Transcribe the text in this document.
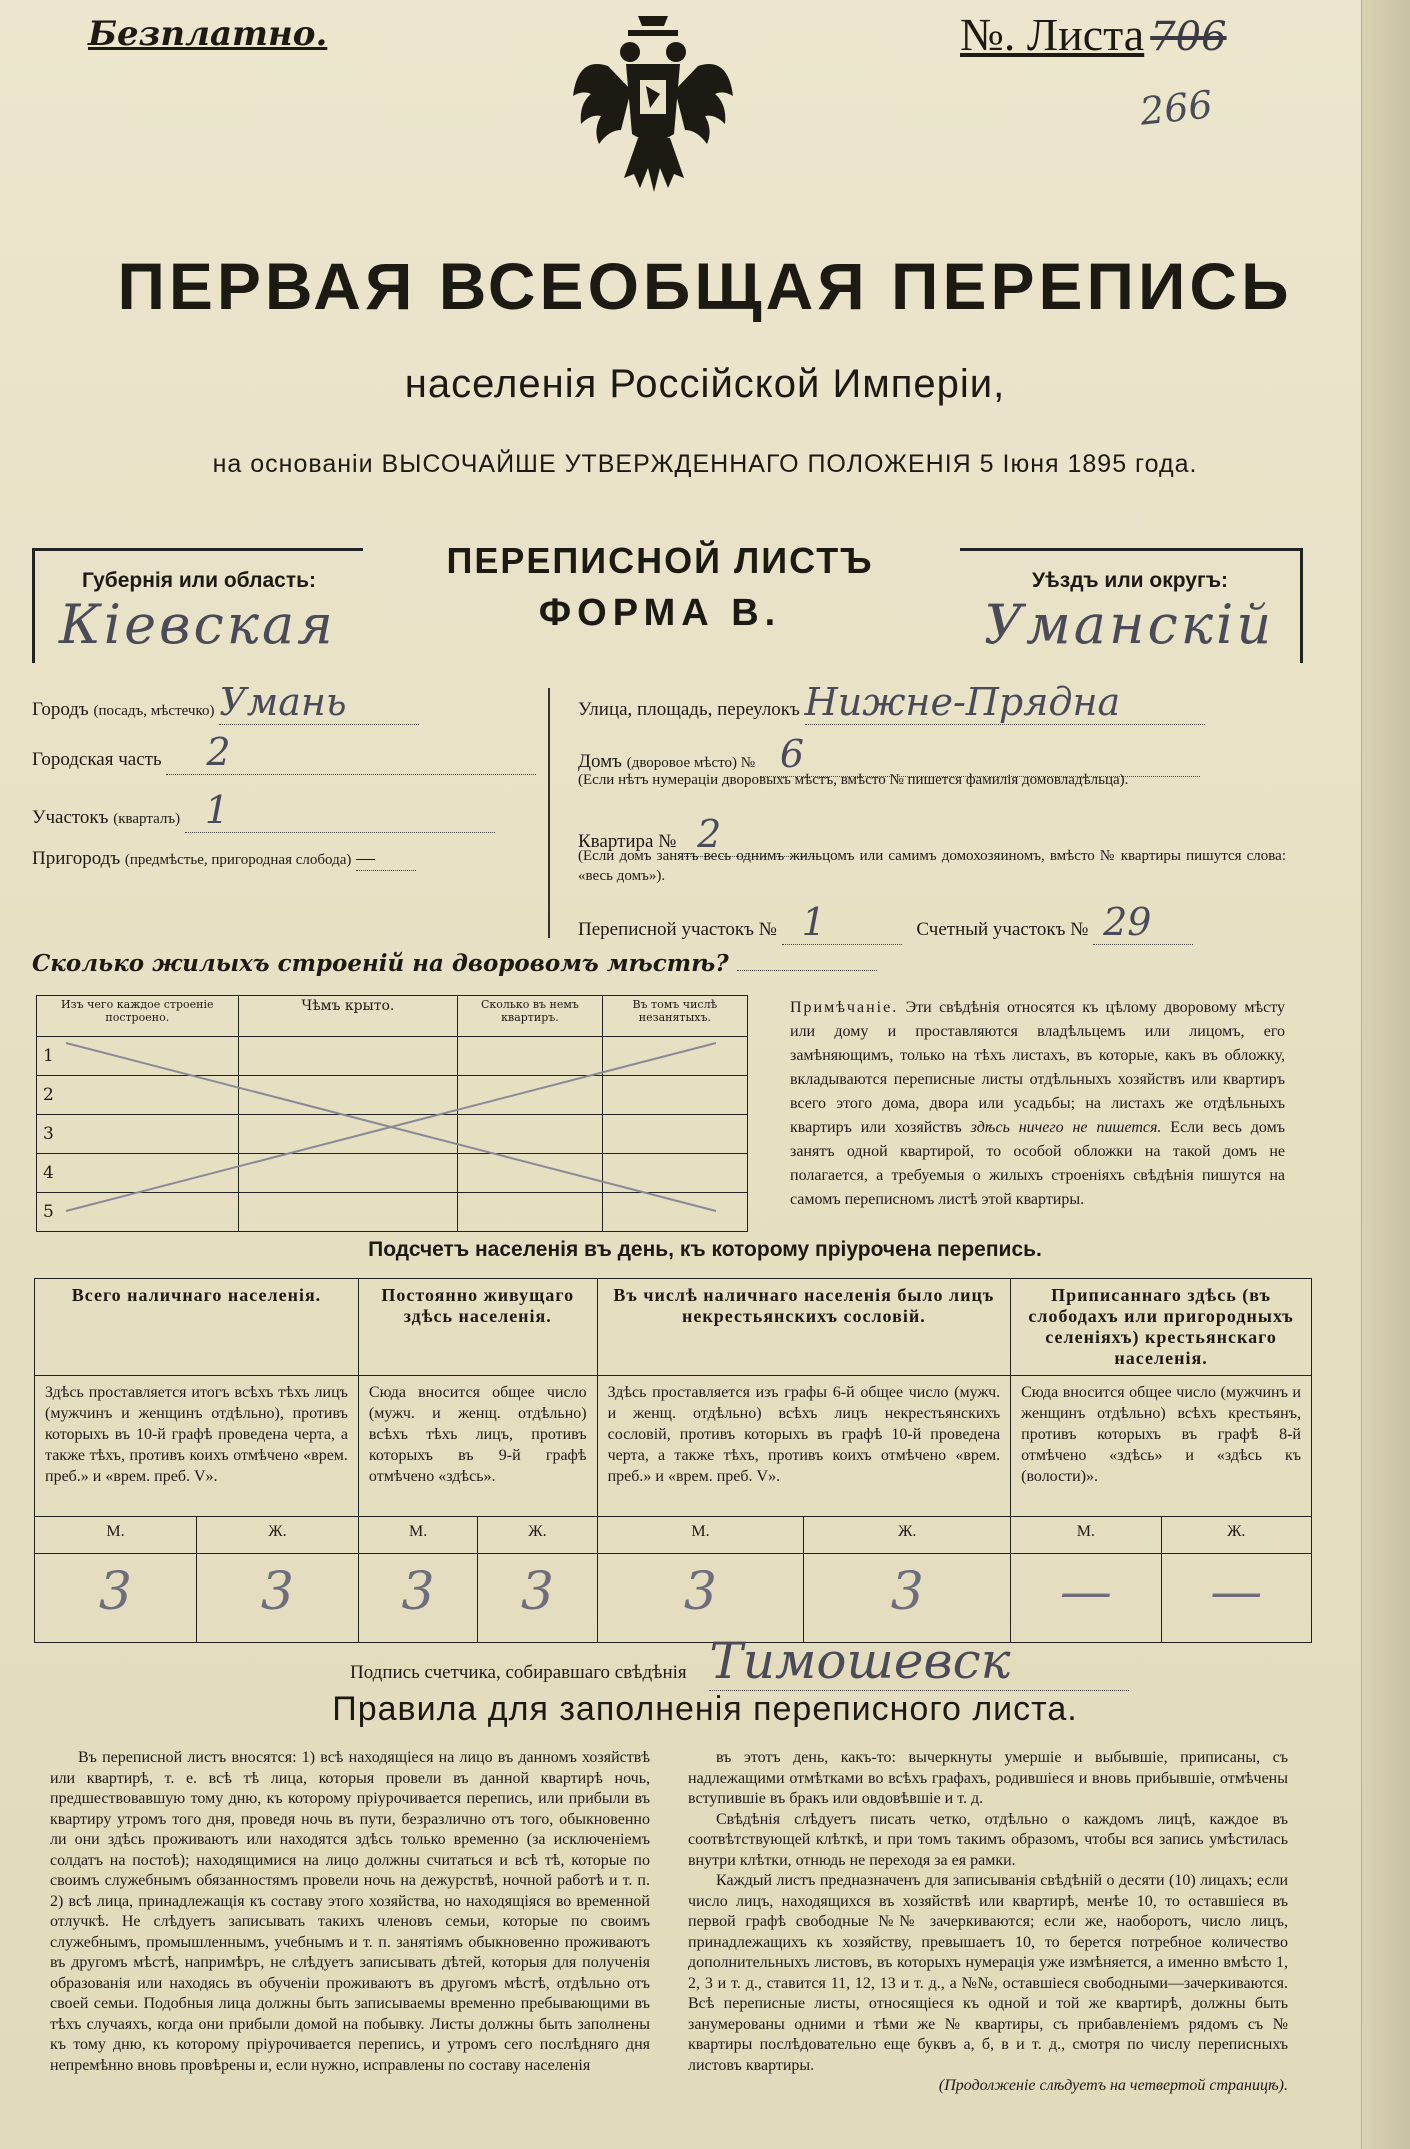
Безплатно.	№. Листа 706
266
ПЕРВАЯ ВСЕОБЩАЯ ПЕРЕПИСЬ
населенія Россійской Имперіи,
на основаніи ВЫСОЧАЙШЕ УТВЕРЖДЕННАГО ПОЛОЖЕНІЯ 5 Іюня 1895 года.
Губернія или область:
Кіевская
ПЕРЕПИСНОЙ ЛИСТЪ
ФОРМА В.
Уѣздъ или округъ:
Уманскій
Городъ (посадъ, мѣстечко) Умань
Городская часть 2
Участокъ (кварталъ) 1
Пригородъ (предмѣстье, пригородная слобода) —
Улица, площадь, переулокъ Нижне-Прядна
Домъ (дворовое мѣсто) № 6
(Если нѣтъ нумераціи дворовыхъ мѣстъ, вмѣсто № пишется фамилія домовладѣльца).
Квартира № 2
(Если домъ занятъ весь однимъ жильцомъ или самимъ домохозяиномъ, вмѣсто № квартиры пишутся слова: «весь домъ»).
Переписной участокъ № 1	Счетный участокъ № 29
Сколько жилыхъ строеній на дворовомъ мѣстѣ?
Изъ чего каждое строеніе построено.	Чѣмъ крыто.	Сколько въ немъ квартиръ.	Въ томъ числѣ незанятыхъ.
1			
2			
3			
4			
5			
Примѣчаніе. Эти свѣдѣнія относятся къ цѣлому дворовому мѣсту или дому и проставляются владѣльцемъ или лицомъ, его замѣняющимъ, только на тѣхъ листахъ, въ которые, какъ въ обложку, вкладываются переписные листы отдѣльныхъ хозяйствъ или квартиръ всего этого дома, двора или усадьбы; на листахъ же отдѣльныхъ квартиръ или хозяйствъ здѣсь ничего не пишется. Если весь домъ занятъ одной квартирой, то особой обложки на такой домъ не полагается, а требуемыя о жилыхъ строеніяхъ свѣдѣнія пишутся на самомъ переписномъ листѣ этой квартиры.
Подсчетъ населенія въ день, къ которому пріурочена перепись.
Всего наличнаго населенія.		Постоянно живущаго здѣсь населенія.		Въ числѣ наличнаго населенія было лицъ некрестьянскихъ сословій.		Приписаннаго здѣсь (въ слободахъ или пригородныхъ селеніяхъ) крестьянскаго населенія.	
Здѣсь проставляется итогъ всѣхъ тѣхъ лицъ (мужчинъ и женщинъ отдѣльно), противъ которыхъ въ 10-й графѣ проведена черта, а также тѣхъ, противъ коихъ отмѣчено «врем. преб.» и «врем. преб. V».		Сюда вносится общее число (мужч. и женщ. отдѣльно) всѣхъ тѣхъ лицъ, противъ которыхъ въ 9-й графѣ отмѣчено «здѣсь».		Здѣсь проставляется изъ графы 6-й общее число (мужч. и женщ. отдѣльно) всѣхъ лицъ некрестьянскихъ сословій, противъ которыхъ въ графѣ 10-й проведена черта, а также тѣхъ, противъ коихъ отмѣчено «врем. преб.» и «врем. преб. V».		Сюда вносится общее число (мужчинъ и женщинъ отдѣльно) всѣхъ крестьянъ, противъ которыхъ въ графѣ 8-й отмѣчено «здѣсь» и «здѣсь къ (волости)».	
М.	Ж.	М.	Ж.	М.	Ж.	М.	Ж.
3	3	3	3	3	3	—	—
Подпись счетчика, собиравшаго свѣдѣнія Тимошевск
Правила для заполненія переписного листа.

Въ переписной листъ вносятся: 1) всѣ находящіеся на лицо въ данномъ хозяйствѣ или квартирѣ, т. е. всѣ тѣ лица, которыя провели въ данной квартирѣ ночь, предшествовавшую тому дню, къ которому пріурочивается перепись, или прибыли въ квартиру утромъ того дня, проведя ночь въ пути, безразлично отъ того, обыкновенно ли они здѣсь проживаютъ или находятся здѣсь только временно (за исключеніемъ солдатъ на постоѣ); находящимися на лицо должны считаться и всѣ тѣ, которые по своимъ служебнымъ обязанностямъ провели ночь на дежурствѣ, ночной работѣ и т. п. 2) всѣ лица, принадлежащія къ составу этого хозяйства, но находящіяся во временной отлучкѣ. Не слѣдуетъ записывать такихъ членовъ семьи, которые по своимъ служебнымъ, промышленнымъ, учебнымъ и т. п. занятіямъ обыкновенно проживаютъ въ другомъ мѣстѣ, напримѣръ, не слѣдуетъ записывать дѣтей, которыя для полученія образованія или находясь въ обученіи проживаютъ въ другомъ мѣстѣ, отдѣльно отъ своей семьи. Подобныя лица должны быть записываемы временно пребывающими въ тѣхъ случаяхъ, когда они прибыли домой на побывку. Листы должны быть заполнены къ тому дню, къ которому пріурочивается перепись, и утромъ сего послѣдняго дня непремѣнно вновь провѣрены и, если нужно, исправлены по составу населенія

въ этотъ день, какъ-то: вычеркнуты умершіе и выбывшіе, приписаны, съ надлежащими отмѣтками во всѣхъ графахъ, родившіеся и вновь прибывшіе, отмѣчены вступившіе въ бракъ или овдовѣвшіе и т. д.

Свѣдѣнія слѣдуетъ писать четко, отдѣльно о каждомъ лицѣ, каждое въ соотвѣтствующей клѣткѣ, и при томъ такимъ образомъ, чтобы вся запись умѣстилась внутри клѣтки, отнюдь не переходя за ея рамки.

Каждый листъ предназначенъ для записыванія свѣдѣній о десяти (10) лицахъ; если число лицъ, находящихся въ хозяйствѣ или квартирѣ, менѣе 10, то оставшіеся въ первой графѣ свободные №№ зачеркиваются; если же, наоборотъ, число лицъ, принадлежащихъ къ хозяйству, превышаетъ 10, то берется потребное количество дополнительныхъ листовъ, въ которыхъ нумерація уже измѣняется, а именно вмѣсто 1, 2, 3 и т. д., ставится 11, 12, 13 и т. д., а №№, оставшіеся свободными—зачеркиваются. Всѣ переписные листы, относящіеся къ одной и той же квартирѣ, должны быть занумерованы одними и тѣми же № квартиры, съ прибавленіемъ рядомъ съ № квартиры послѣдовательно еще буквъ а, б, в и т. д., смотря по числу переписныхъ листовъ квартиры.

(Продолженіе слѣдуетъ на четвертой страницѣ).
